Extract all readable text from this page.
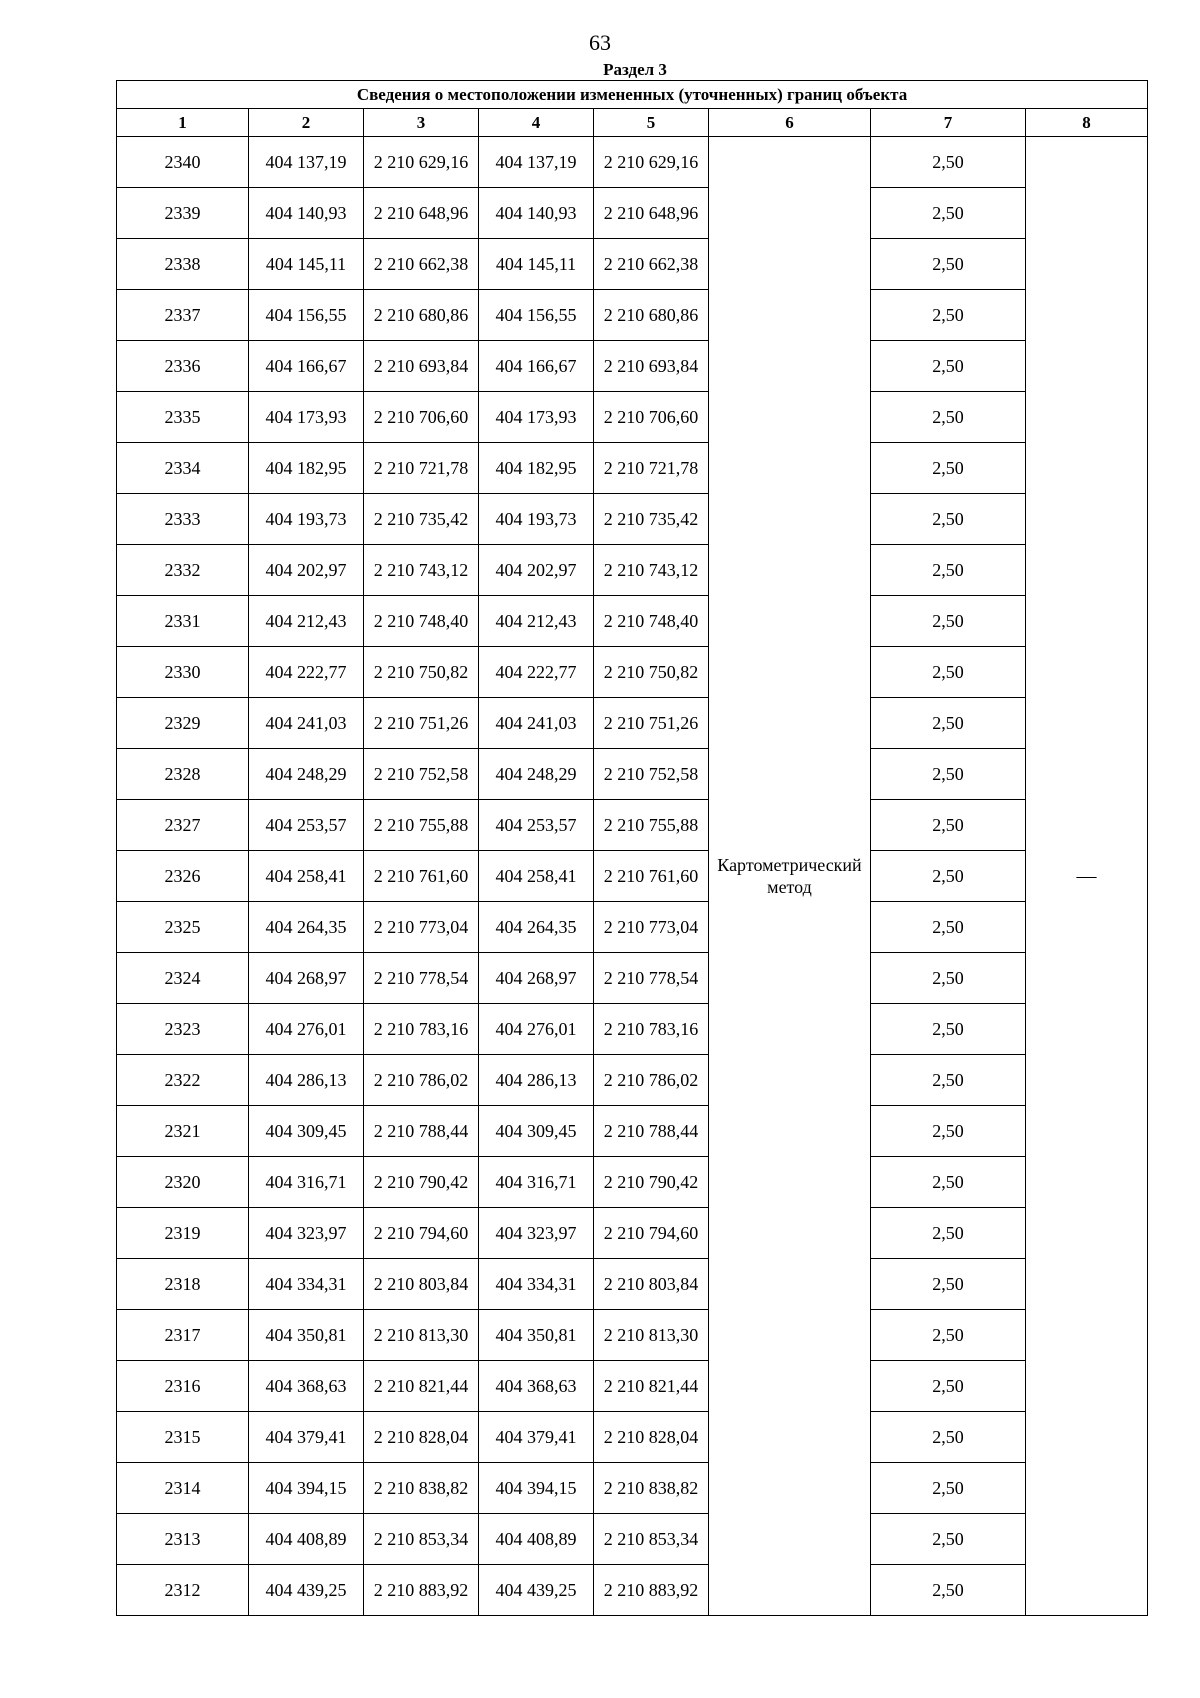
63
Раздел 3
Сведения о местоположении измененных (уточненных) границ объекта							
1	2	3	4	5	6	7	8
2340	404 137,19	2 210 629,16	404 137,19	2 210 629,16	Картометрический метод	2,50	—
2339	404 140,93	2 210 648,96	404 140,93	2 210 648,96		2,50	
2338	404 145,11	2 210 662,38	404 145,11	2 210 662,38		2,50	
2337	404 156,55	2 210 680,86	404 156,55	2 210 680,86		2,50	
2336	404 166,67	2 210 693,84	404 166,67	2 210 693,84		2,50	
2335	404 173,93	2 210 706,60	404 173,93	2 210 706,60		2,50	
2334	404 182,95	2 210 721,78	404 182,95	2 210 721,78		2,50	
2333	404 193,73	2 210 735,42	404 193,73	2 210 735,42		2,50	
2332	404 202,97	2 210 743,12	404 202,97	2 210 743,12		2,50	
2331	404 212,43	2 210 748,40	404 212,43	2 210 748,40		2,50	
2330	404 222,77	2 210 750,82	404 222,77	2 210 750,82		2,50	
2329	404 241,03	2 210 751,26	404 241,03	2 210 751,26		2,50	
2328	404 248,29	2 210 752,58	404 248,29	2 210 752,58		2,50	
2327	404 253,57	2 210 755,88	404 253,57	2 210 755,88		2,50	
2326	404 258,41	2 210 761,60	404 258,41	2 210 761,60		2,50	
2325	404 264,35	2 210 773,04	404 264,35	2 210 773,04		2,50	
2324	404 268,97	2 210 778,54	404 268,97	2 210 778,54		2,50	
2323	404 276,01	2 210 783,16	404 276,01	2 210 783,16		2,50	
2322	404 286,13	2 210 786,02	404 286,13	2 210 786,02		2,50	
2321	404 309,45	2 210 788,44	404 309,45	2 210 788,44		2,50	
2320	404 316,71	2 210 790,42	404 316,71	2 210 790,42		2,50	
2319	404 323,97	2 210 794,60	404 323,97	2 210 794,60		2,50	
2318	404 334,31	2 210 803,84	404 334,31	2 210 803,84		2,50	
2317	404 350,81	2 210 813,30	404 350,81	2 210 813,30		2,50	
2316	404 368,63	2 210 821,44	404 368,63	2 210 821,44		2,50	
2315	404 379,41	2 210 828,04	404 379,41	2 210 828,04		2,50	
2314	404 394,15	2 210 838,82	404 394,15	2 210 838,82		2,50	
2313	404 408,89	2 210 853,34	404 408,89	2 210 853,34		2,50	
2312	404 439,25	2 210 883,92	404 439,25	2 210 883,92		2,50	
